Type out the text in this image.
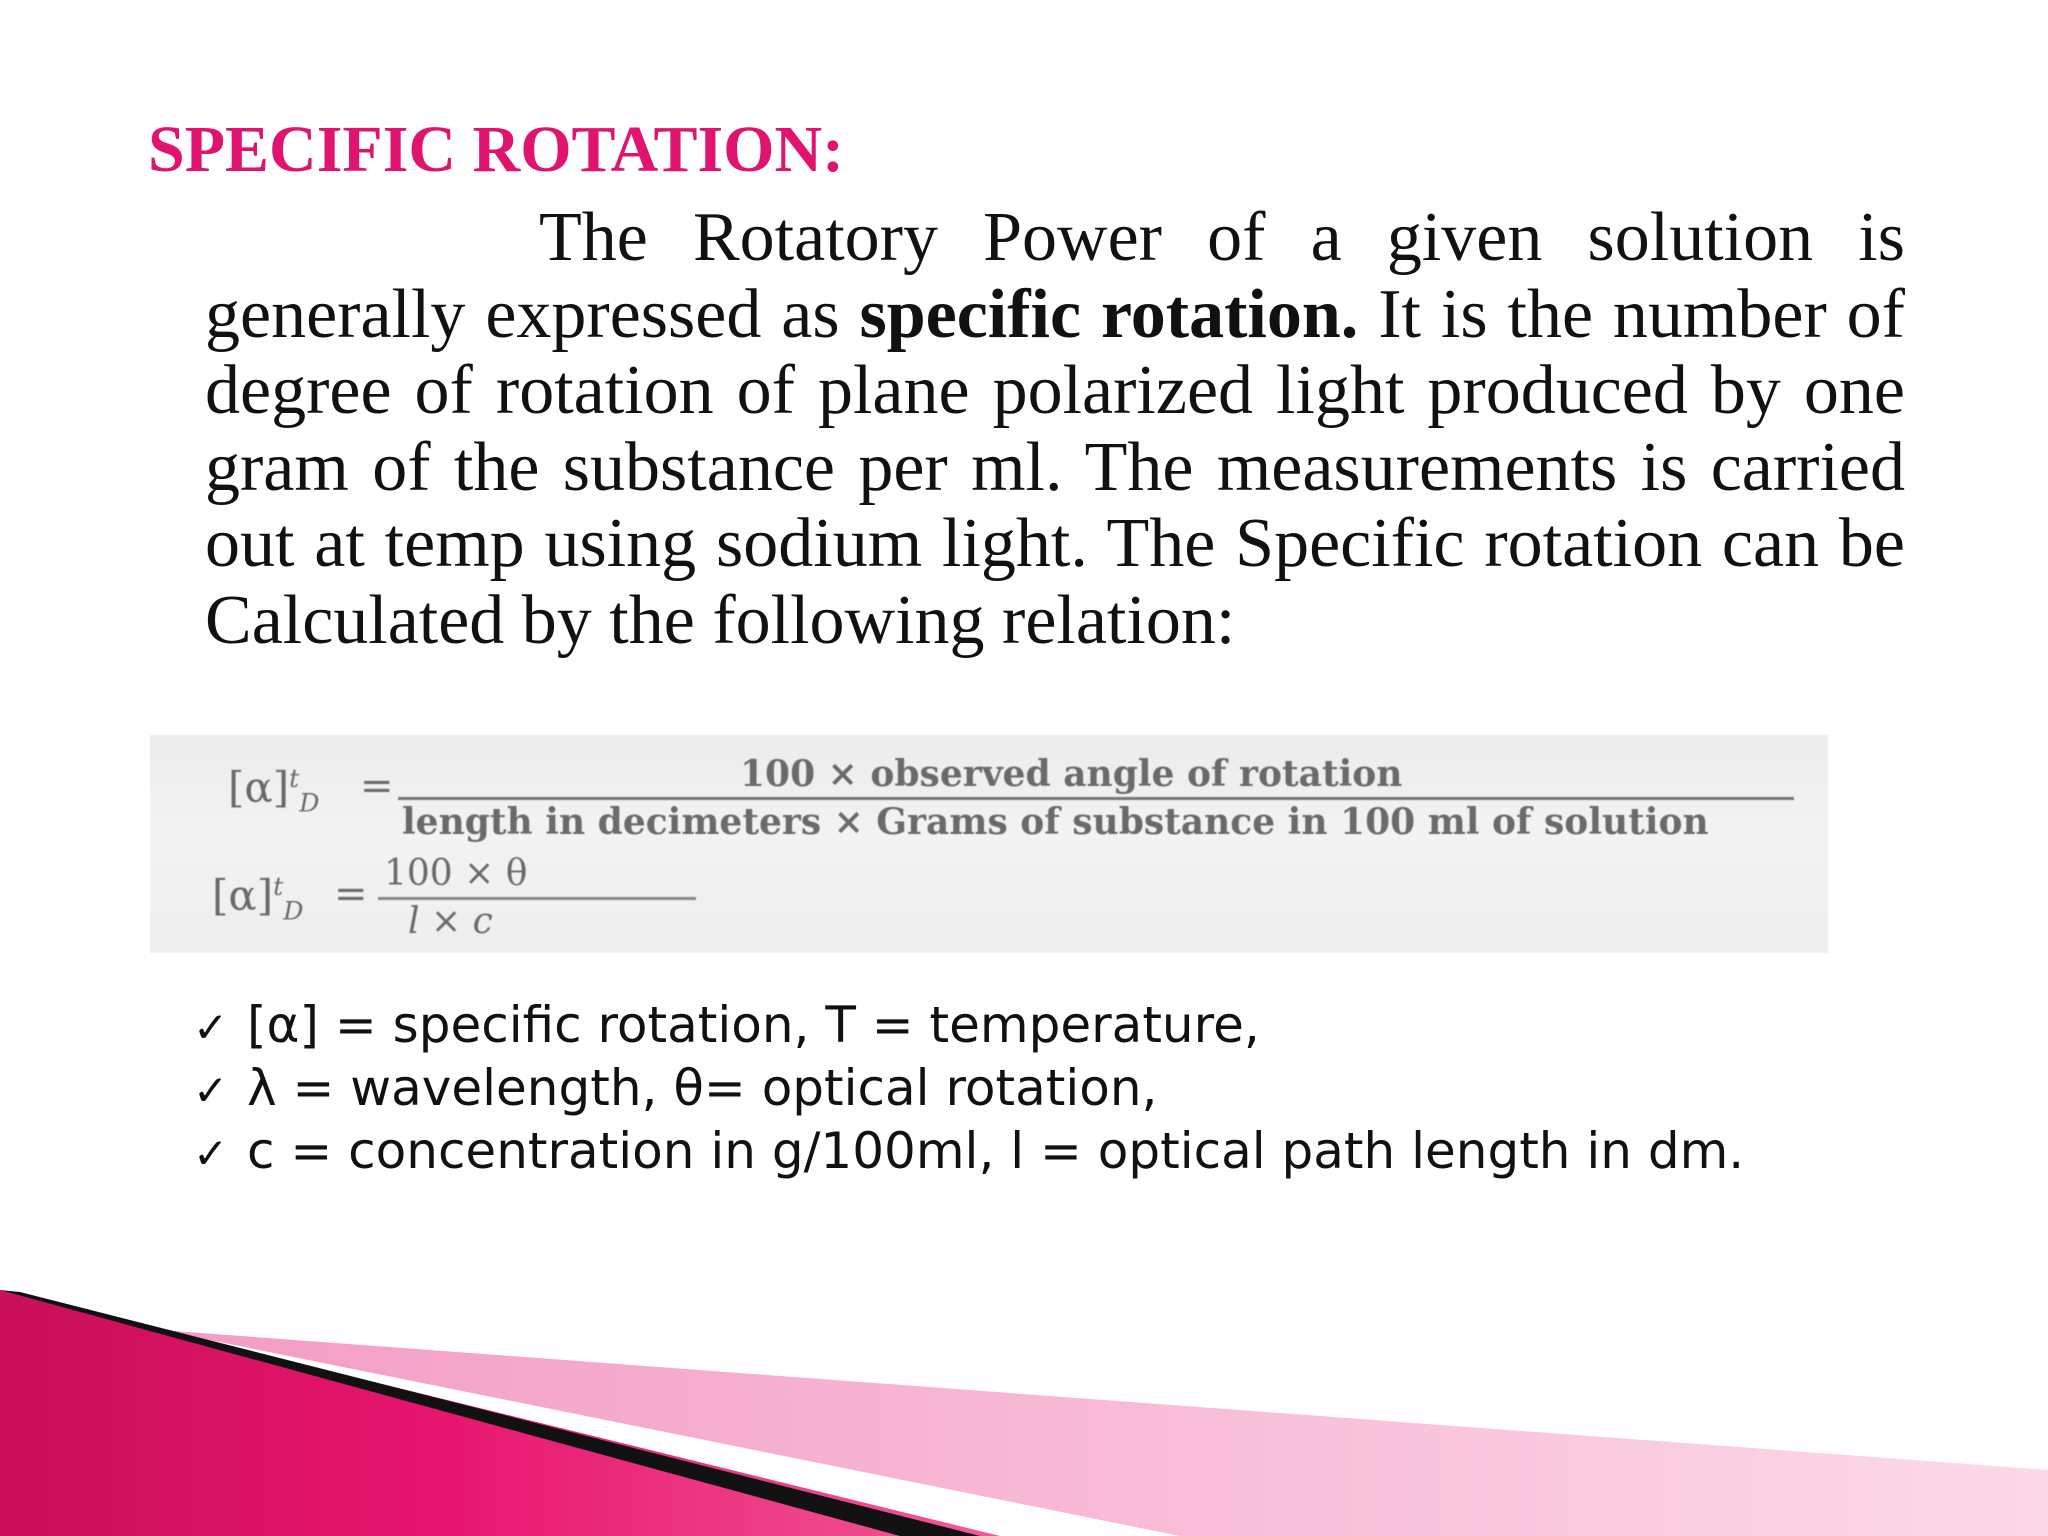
SPECIFIC ROTATION:

The Rotatory Power of a given solution is generally expressed as specific rotation. It is the number of degree of rotation of plane polarized light produced by one gram of the substance per ml. The measurements is carried out at temp using sodium light. The Specific rotation can be Calculated by the following relation:

$[\alpha]^t_D$ =	100 × observed angle of rotation
length in decimeters × Grams of substance in 100 ml of solution
$[\alpha]^t_D = 100 \times \theta$
l × c
✓ [α] = specific rotation, T = temperature,
✓ λ = wavelength, θ= optical rotation,
✓ c = concentration in g/100ml, l = optical path length in dm.
